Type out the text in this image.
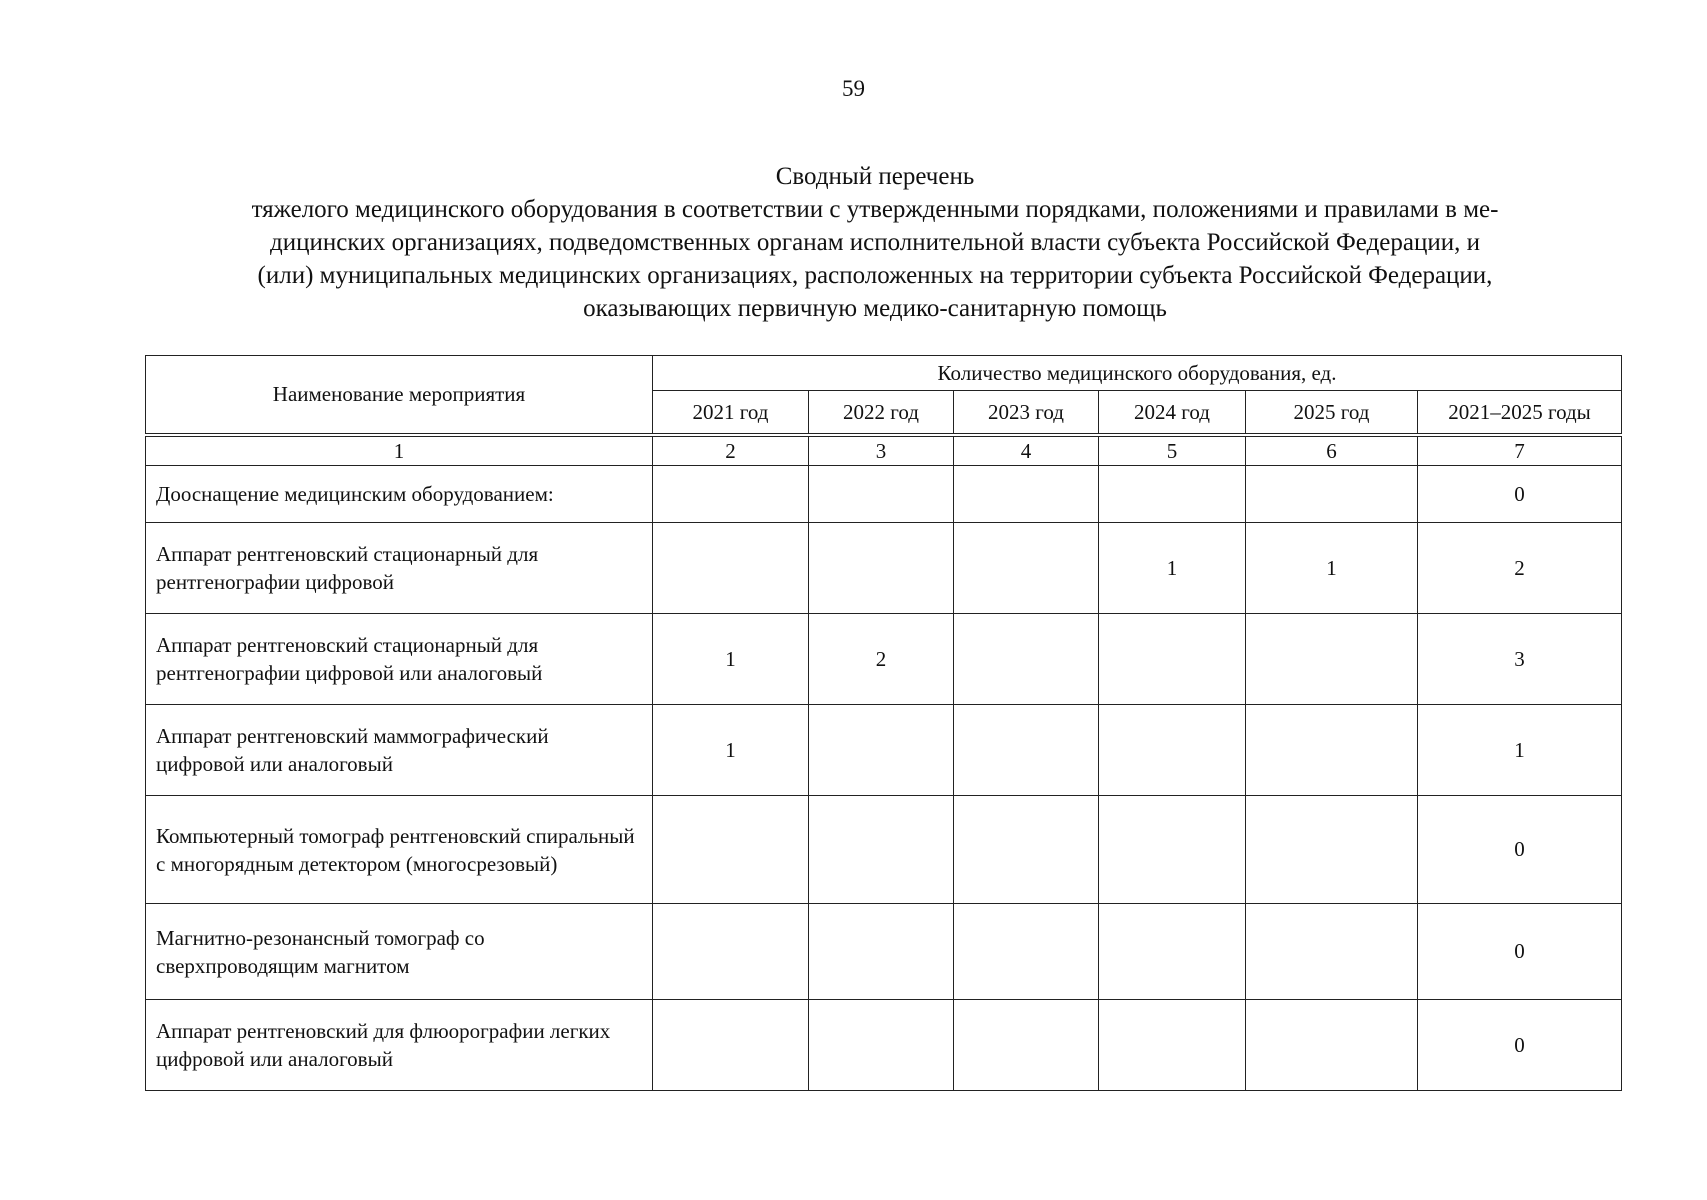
59
Сводный перечень
тяжелого медицинского оборудования в соответствии с утвержденными порядками, положениями и правилами в ме-
дицинских организациях, подведомственных органам исполнительной власти субъекта Российской Федерации, и
(или) муниципальных медицинских организациях, расположенных на территории субъекта Российской Федерации,
оказывающих первичную медико-санитарную помощь
Наименование мероприятия	Количество медицинского оборудования, ед.					
	2021 год	2022 год	2023 год	2024 год	2025 год	2021–2025 годы
1	2	3	4	5	6	7
Дооснащение медицинским оборудованием:						0
Аппарат рентгеновский стационарный для рентгенографии цифровой				1	1	2
Аппарат рентгеновский стационарный для рентгенографии цифровой или аналоговый	1	2				3
Аппарат рентгеновский маммографический цифровой или аналоговый	1					1
Компьютерный томограф рентгеновский спиральный с многорядным детектором (многосрезовый)						0
Магнитно-резонансный томограф со сверхпроводящим магнитом						0
Аппарат рентгеновский для флюорографии легких цифровой или аналоговый						0
